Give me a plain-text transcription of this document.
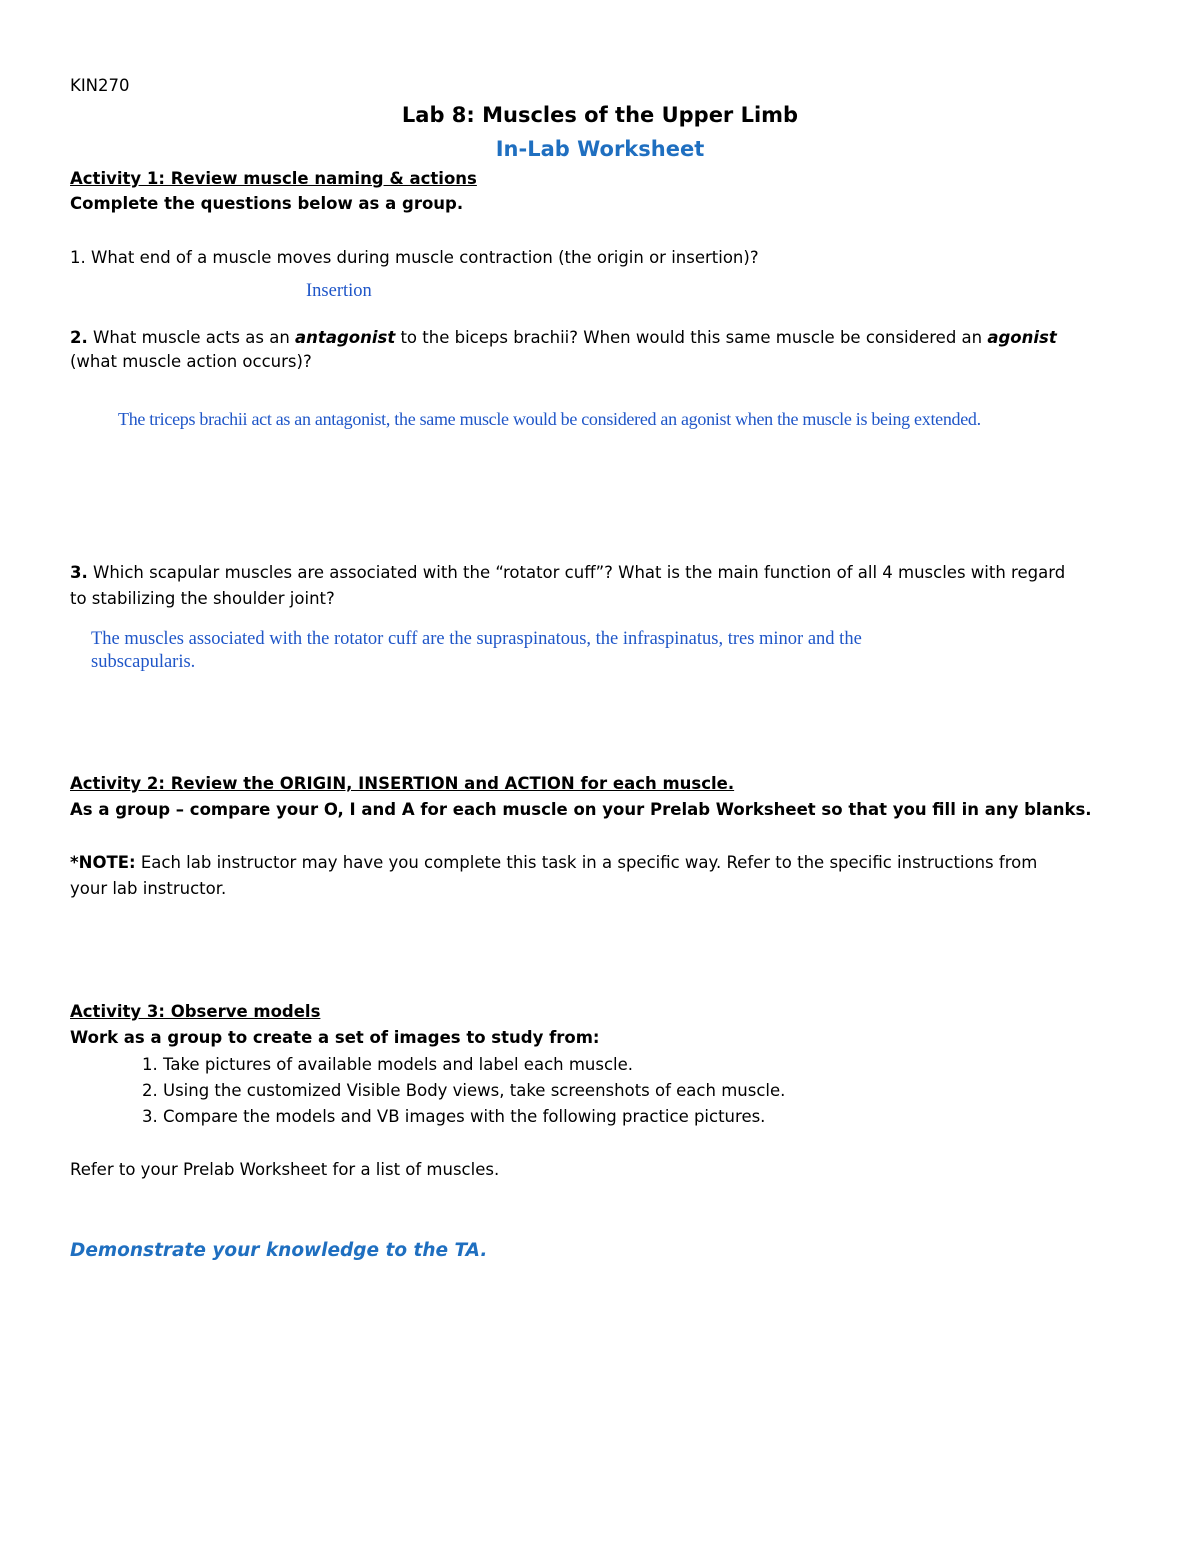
KIN270
Lab 8: Muscles of the Upper Limb
In-Lab Worksheet
Activity 1: Review muscle naming & actions
Complete the questions below as a group.
1. What end of a muscle moves during muscle contraction (the origin or insertion)?
Insertion
2. What muscle acts as an antagonist to the biceps brachii? When would this same muscle be considered an agonist
(what muscle action occurs)?
The triceps brachii act as an antagonist, the same muscle would be considered an agonist when the muscle is being extended.
3. Which scapular muscles are associated with the “rotator cuff”? What is the main function of all 4 muscles with regard
to stabilizing the shoulder joint?
The muscles associated with the rotator cuff are the supraspinatous, the infraspinatus, tres minor and the
subscapularis.
Activity 2: Review the ORIGIN, INSERTION and ACTION for each muscle.
As a group – compare your O, I and A for each muscle on your Prelab Worksheet so that you fill in any blanks.
*NOTE: Each lab instructor may have you complete this task in a specific way. Refer to the specific instructions from
your lab instructor.
Activity 3: Observe models
Work as a group to create a set of images to study from:
1. Take pictures of available models and label each muscle.
2. Using the customized Visible Body views, take screenshots of each muscle.
3. Compare the models and VB images with the following practice pictures.
Refer to your Prelab Worksheet for a list of muscles.
Demonstrate your knowledge to the TA.
